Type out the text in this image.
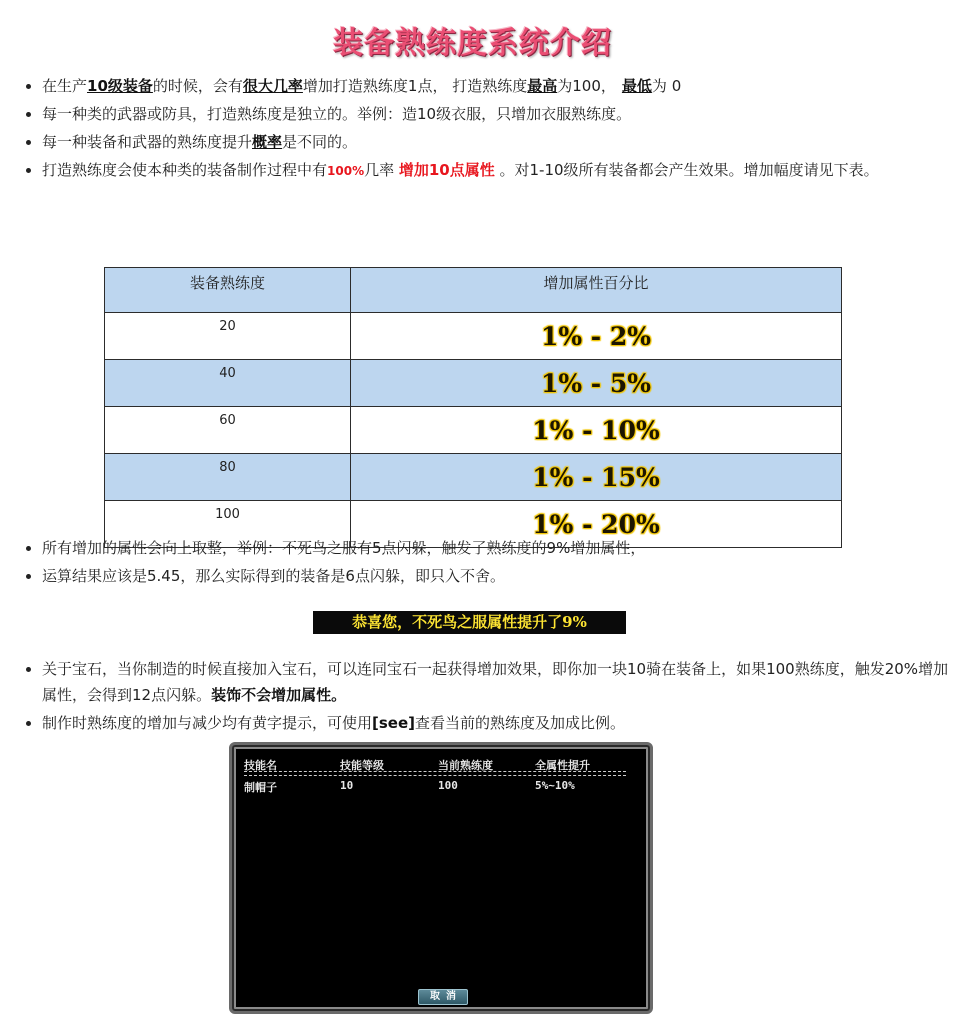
装备熟练度系统介绍
• 在生产10级装备的时候，会有很大几率增加打造熟练度1点， 打造熟练度最高为100， 最低为 0
• 每一种类的武器或防具，打造熟练度是独立的。举例：造10级衣服，只增加衣服熟练度。
• 每一种装备和武器的熟练度提升概率是不同的。
• 打造熟练度会使本种类的装备制作过程中有100%几率 增加10点属性 。对1-10级所有装备都会产生效果。增加幅度请见下表。
装备熟练度	增加属性百分比
20	1% - 2%
40	1% - 5%
60	1% - 10%
80	1% - 15%
100	1% - 20%
• 所有增加的属性会向上取整，举例：不死鸟之服有5点闪躲，触发了熟练度的9%增加属性，
• 运算结果应该是5.45，那么实际得到的装备是6点闪躲，即只入不舍。
恭喜您，不死鸟之服属性提升了9%
• 关于宝石，当你制造的时候直接加入宝石，可以连同宝石一起获得增加效果，即你加一块10骑在装备上，如果100熟练度，触发20%增加属性，会得到12点闪躲。装饰不会增加属性。
• 制作时熟练度的增加与减少均有黄字提示，可使用[see]查看当前的熟练度及加成比例。
技能名	技能等级	当前熟练度	全属性提升
制帽子	10	100	5%~10%
取 消
